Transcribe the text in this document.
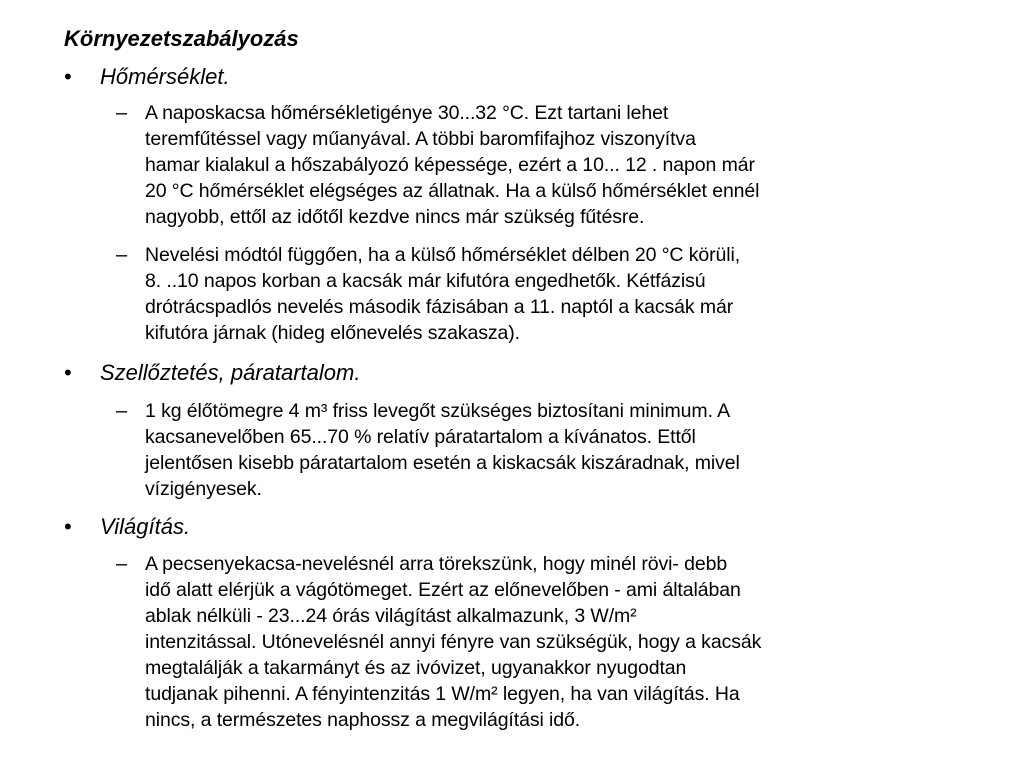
Környezetszabályozás
• Hőmérséklet.
– A naposkacsa hőmérsékletigénye 30...32 °C. Ezt tartani lehet
teremfűtéssel vagy műanyával. A többi baromfifajhoz viszonyítva
hamar kialakul a hőszabályozó képessége, ezért a 10... 12 . napon már
20 °C hőmérséklet elégséges az állatnak. Ha a külső hőmérséklet ennél
nagyobb, ettől az időtől kezdve nincs már szükség fűtésre.
– Nevelési módtól függően, ha a külső hőmérséklet délben 20 °C körüli,
8. ..10 napos korban a kacsák már kifutóra engedhetők. Kétfázisú
drótrácspadlós nevelés második fázisában a 11. naptól a kacsák már
kifutóra járnak (hideg előnevelés szakasza).
• Szellőztetés, páratartalom.
– 1 kg élőtömegre 4 m³ friss levegőt szükséges biztosítani minimum. A
kacsanevelőben 65...70 % relatív páratartalom a kívánatos. Ettől
jelentősen kisebb páratartalom esetén a kiskacsák kiszáradnak, mivel
vízigényesek.
• Világítás.
– A pecsenyekacsa-nevelésnél arra törekszünk, hogy minél rövi- debb
idő alatt elérjük a vágótömeget. Ezért az előnevelőben - ami általában
ablak nélküli - 23...24 órás világítást alkalmazunk, 3 W/m²
intenzitással. Utónevelésnél annyi fényre van szükségük, hogy a kacsák
megtalálják a takarmányt és az ivóvizet, ugyanakkor nyugodtan
tudjanak pihenni. A fényintenzitás 1 W/m² legyen, ha van világítás. Ha
nincs, a természetes naphossz a megvilágítási idő.
